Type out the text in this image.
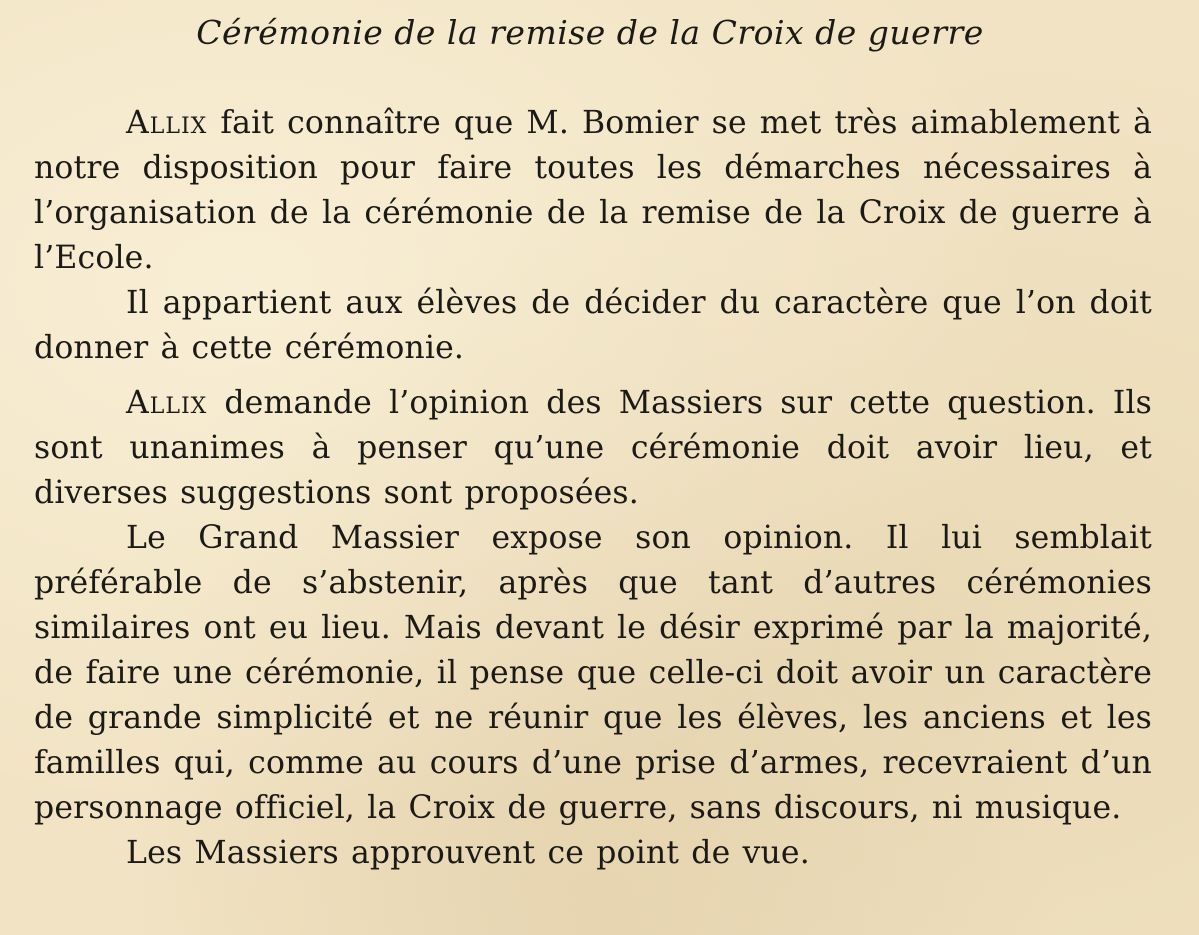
Cérémonie de la remise de la Croix de guerre

Allix fait connaître que M. Bomier se met très aimablement à notre disposition pour faire toutes les démarches nécessaires à l’organisation de la cérémonie de la remise de la Croix de guerre à l’Ecole.

Il appartient aux élèves de décider du caractère que l’on doit donner à cette cérémonie.

Allix demande l’opinion des Massiers sur cette question. Ils sont unanimes à penser qu’une cérémonie doit avoir lieu, et diverses suggestions sont proposées.

Le Grand Massier expose son opinion. Il lui semblait préférable de s’abstenir, après que tant d’autres cérémonies similaires ont eu lieu. Mais devant le désir exprimé par la majorité, de faire une cérémonie, il pense que celle-ci doit avoir un caractère de grande simplicité et ne réunir que les élèves, les anciens et les familles qui, comme au cours d’une prise d’armes, recevraient d’un personnage officiel, la Croix de guerre, sans discours, ni musique.

Les Massiers approuvent ce point de vue.
